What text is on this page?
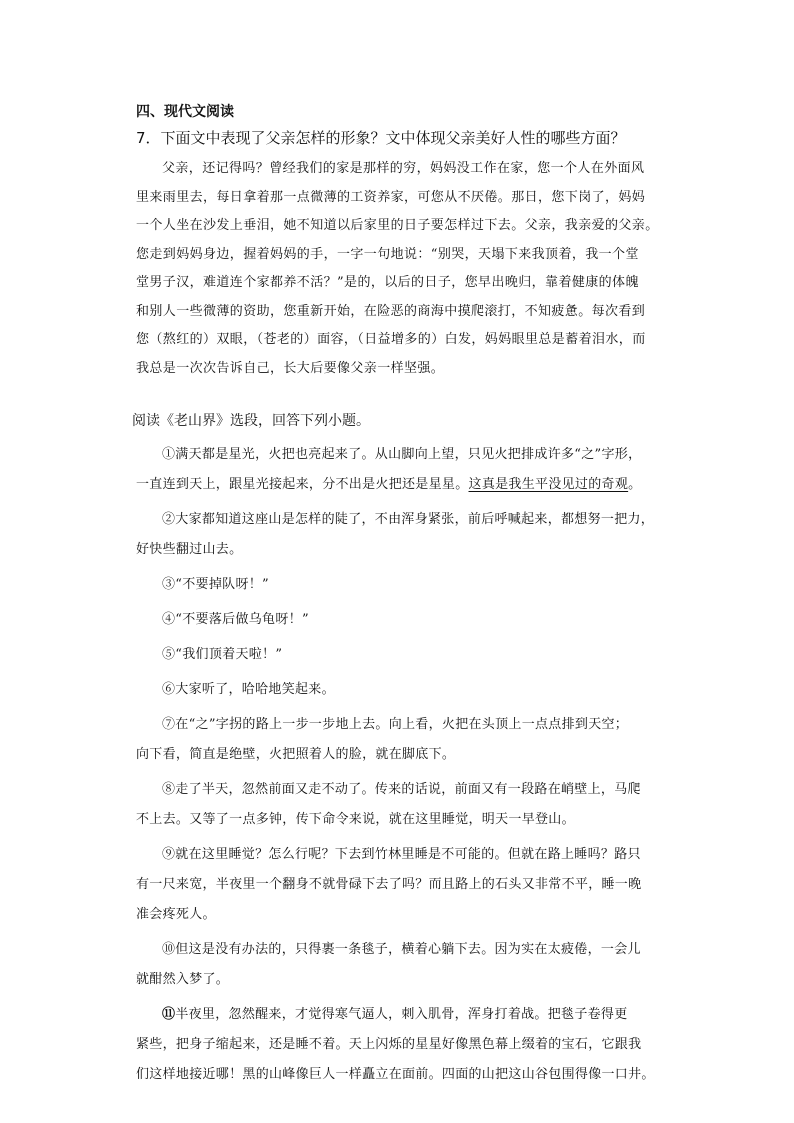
四、现代文阅读

7．下面文中表现了父亲怎样的形象？文中体现父亲美好人性的哪些方面？

父亲，还记得吗？曾经我们的家是那样的穷，妈妈没工作在家，您一个人在外面风
里来雨里去，每日拿着那一点微薄的工资养家，可您从不厌倦。那日，您下岗了，妈妈
一个人坐在沙发上垂泪，她不知道以后家里的日子要怎样过下去。父亲，我亲爱的父亲。
您走到妈妈身边，握着妈妈的手，一字一句地说：“别哭，天塌下来我顶着，我一个堂
堂男子汉，难道连个家都养不活？”是的，以后的日子，您早出晚归，靠着健康的体魄
和别人一些微薄的资助，您重新开始，在险恶的商海中摸爬滚打，不知疲惫。每次看到
您（熬红的）双眼，（苍老的）面容，（日益增多的）白发，妈妈眼里总是蓄着泪水，而
我总是一次次告诉自己，长大后要像父亲一样坚强。

阅读《老山界》选段，回答下列小题。

①满天都是星光，火把也亮起来了。从山脚向上望，只见火把排成许多“之”字形，
一直连到天上，跟星光接起来，分不出是火把还是星星。这真是我生平没见过的奇观。
②大家都知道这座山是怎样的陡了，不由浑身紧张，前后呼喊起来，都想努一把力，
好快些翻过山去。
③“不要掉队呀！”
④“不要落后做乌龟呀！”
⑤“我们顶着天啦！”
⑥大家听了，哈哈地笑起来。
⑦在“之”字拐的路上一步一步地上去。向上看，火把在头顶上一点点排到天空；
向下看，简直是绝壁，火把照着人的脸，就在脚底下。
⑧走了半天，忽然前面又走不动了。传来的话说，前面又有一段路在峭壁上，马爬
不上去。又等了一点多钟，传下命令来说，就在这里睡觉，明天一早登山。
⑨就在这里睡觉？怎么行呢？下去到竹林里睡是不可能的。但就在路上睡吗？路只
有一尺来宽，半夜里一个翻身不就骨碌下去了吗？而且路上的石头又非常不平，睡一晚
准会疼死人。
⑩但这是没有办法的，只得裹一条毯子，横着心躺下去。因为实在太疲倦，一会儿
就酣然入梦了。
⑪半夜里，忽然醒来，才觉得寒气逼人，刺入肌骨，浑身打着战。把毯子卷得更
紧些，把身子缩起来，还是睡不着。天上闪烁的星星好像黑色幕上缀着的宝石，它跟我
们这样地接近哪！黑的山峰像巨人一样矗立在面前。四面的山把这山谷包围得像一口井。
